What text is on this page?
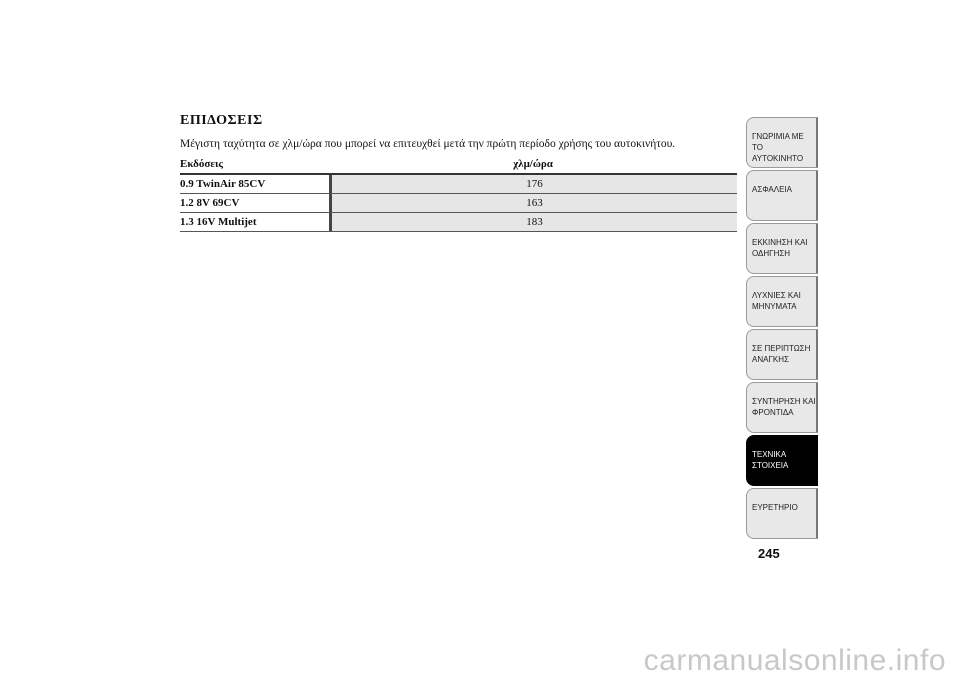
ΕΠΙΔΟΣΕΙΣ
Μέγιστη ταχύτητα σε χλμ/ώρα που μπορεί να επιτευχθεί μετά την πρώτη περίοδο χρήσης του αυτοκινήτου.
Εκδόσεις	χλμ/ώρα
0.9 TwinAir 85CV	176
1.2 8V 69CV	163
1.3 16V Multijet	183
ΓΝΩΡΙΜΙΑ ΜΕ ΤΟ
ΑΥΤΟΚΙΝΗΤΟ
ΑΣΦΑΛΕΙΑ
ΕΚΚΙΝΗΣΗ ΚΑΙ
ΟΔΗΓΗΣΗ
ΛΥΧΝΙΕΣ ΚΑΙ
ΜΗΝΥΜΑΤΑ
ΣΕ ΠΕΡΙΠΤΩΣΗ
ΑΝΑΓΚΗΣ
ΣΥΝΤΗΡΗΣΗ ΚΑΙ
ΦΡΟΝΤΙΔΑ
ΤΕΧΝΙΚΑ
ΣΤΟΙΧΕΙΑ
ΕΥΡΕΤΗΡΙΟ
245
carmanualsonline.info
